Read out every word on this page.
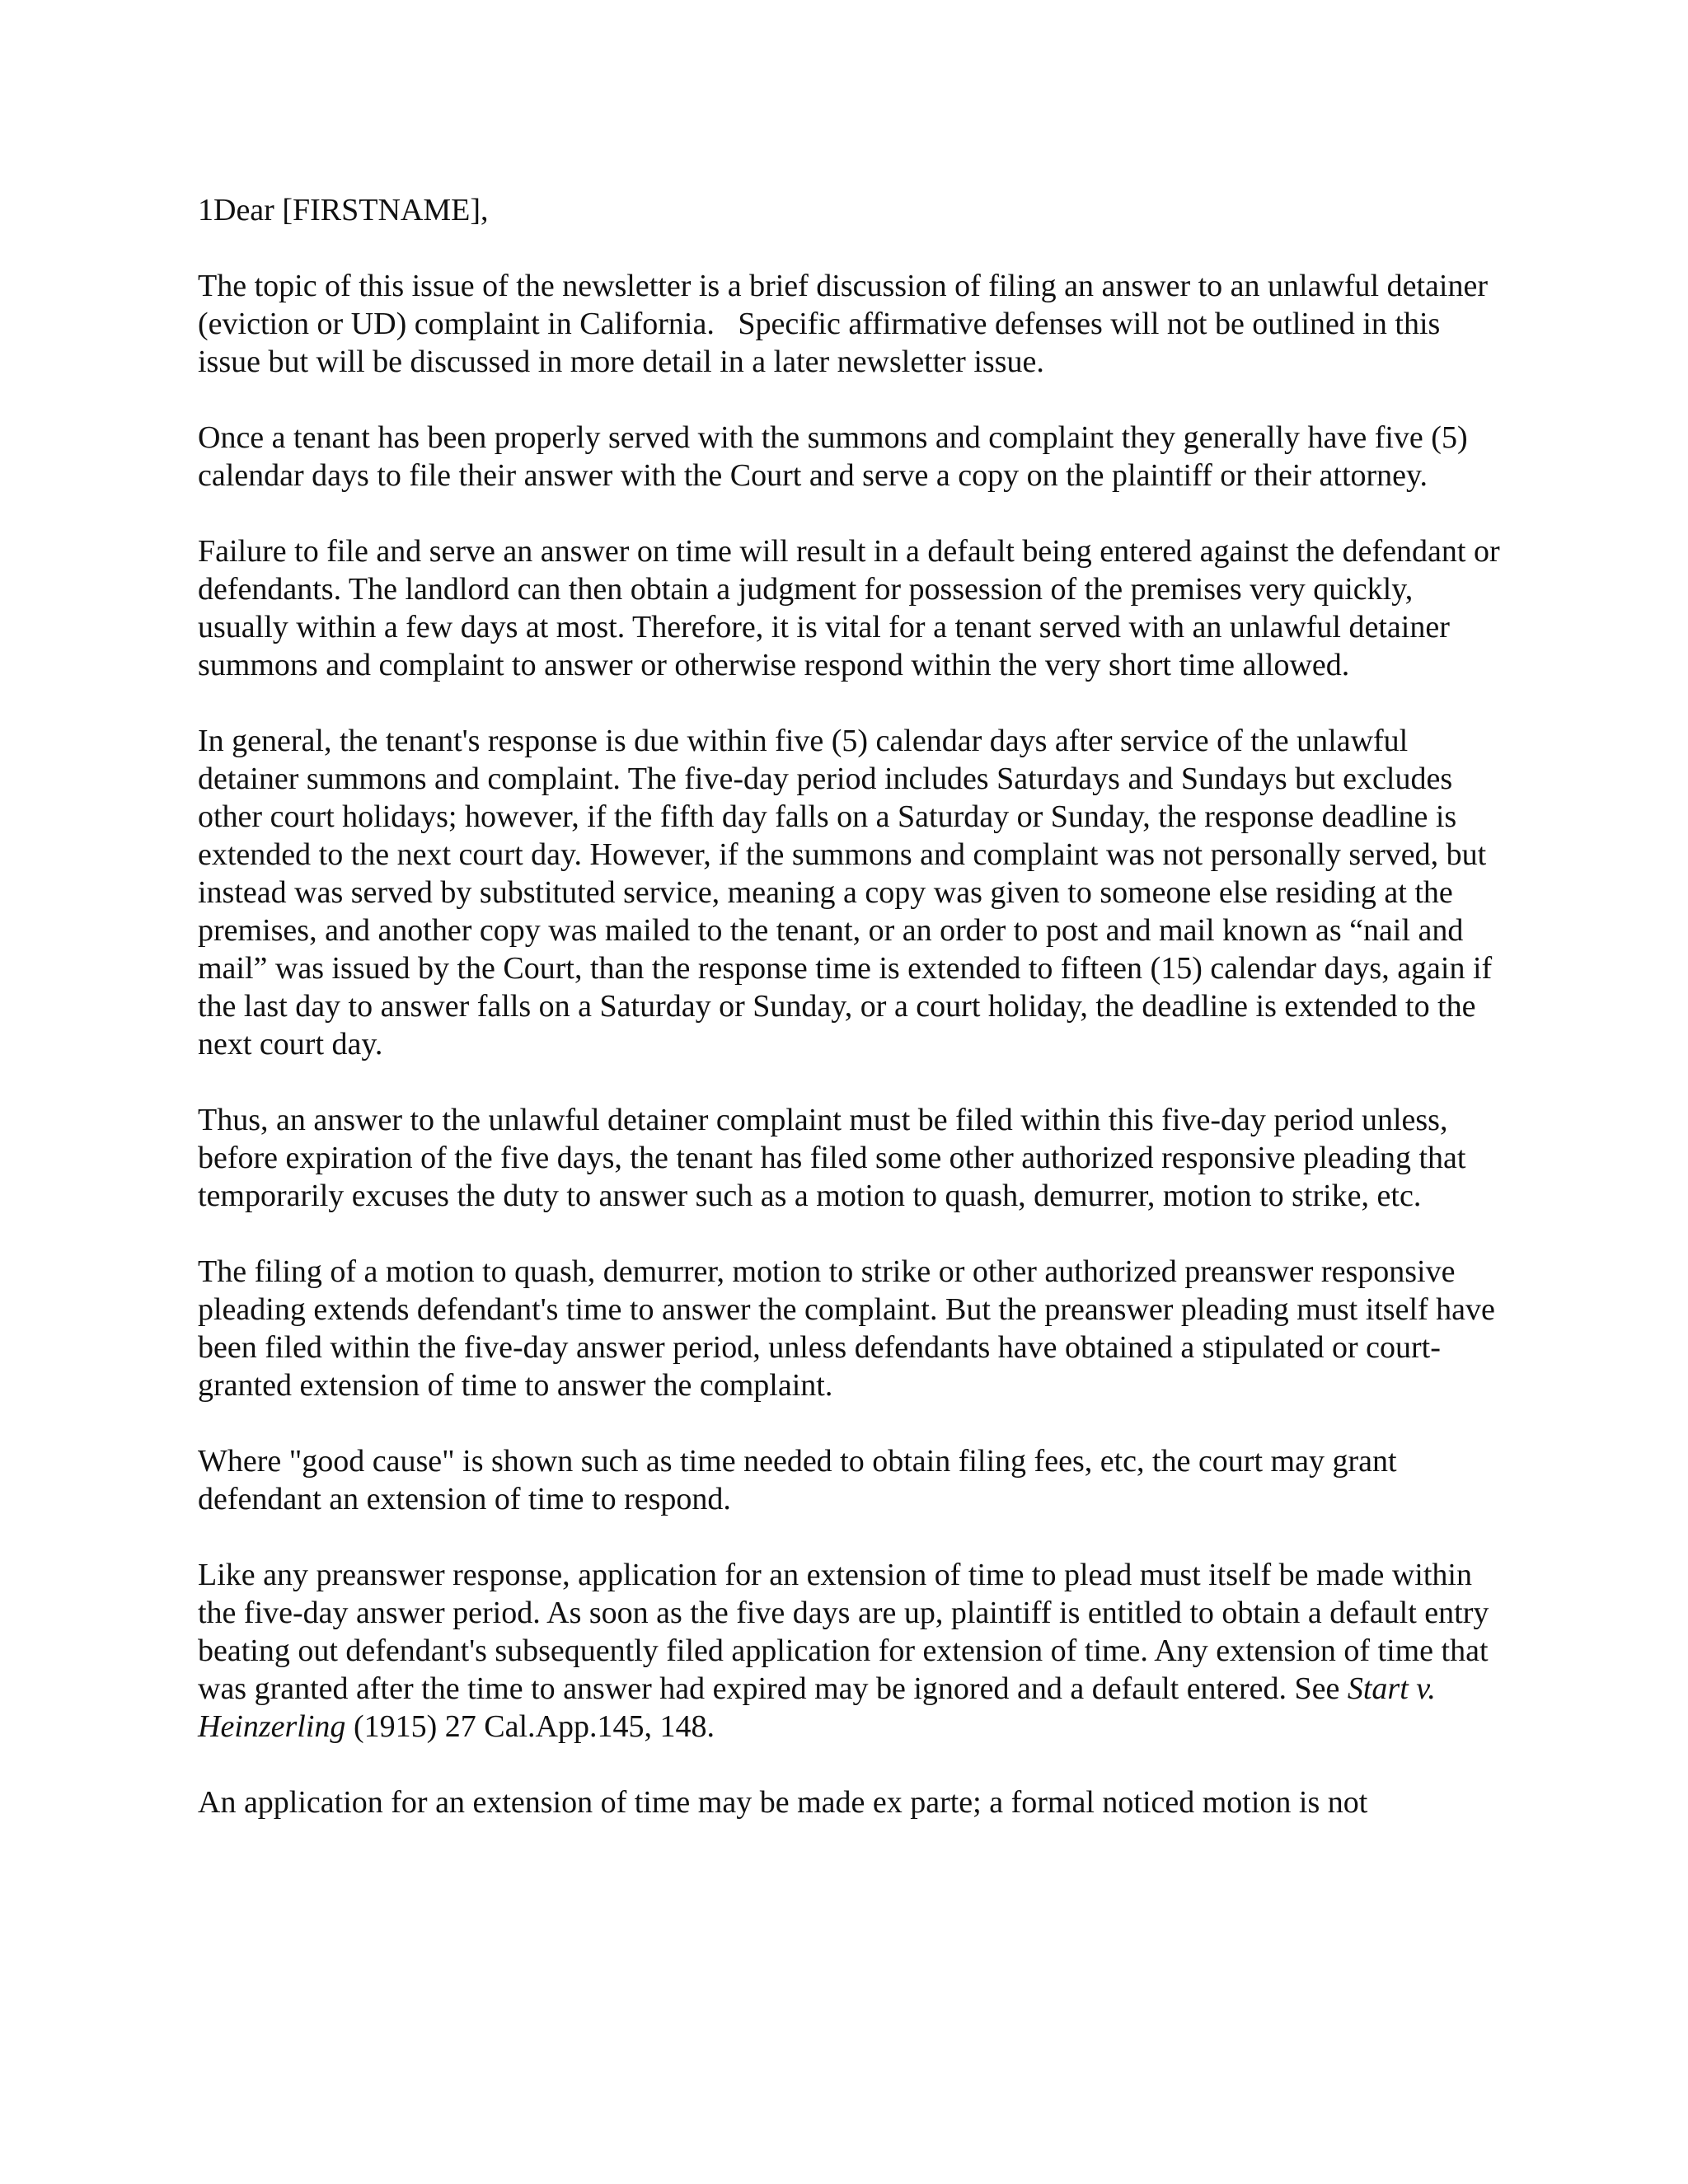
1Dear [FIRSTNAME],

The topic of this issue of the newsletter is a brief discussion of filing an answer to an unlawful detainer (eviction or UD) complaint in California.   Specific affirmative defenses will not be outlined in this issue but will be discussed in more detail in a later newsletter issue.

Once a tenant has been properly served with the summons and complaint they generally have five (5) calendar days to file their answer with the Court and serve a copy on the plaintiff or their attorney.

Failure to file and serve an answer on time will result in a default being entered against the defendant or defendants. The landlord can then obtain a judgment for possession of the premises very quickly, usually within a few days at most. Therefore, it is vital for a tenant served with an unlawful detainer summons and complaint to answer or otherwise respond within the very short time allowed.

In general, the tenant's response is due within five (5) calendar days after service of the unlawful detainer summons and complaint. The five-day period includes Saturdays and Sundays but excludes other court holidays; however, if the fifth day falls on a Saturday or Sunday, the response deadline is extended to the next court day. However, if the summons and complaint was not personally served, but instead was served by substituted service, meaning a copy was given to someone else residing at the premises, and another copy was mailed to the tenant, or an order to post and mail known as “nail and mail” was issued by the Court, than the response time is extended to fifteen (15) calendar days, again if the last day to answer falls on a Saturday or Sunday, or a court holiday, the deadline is extended to the next court day.

Thus, an answer to the unlawful detainer complaint must be filed within this five-day period unless, before expiration of the five days, the tenant has filed some other authorized responsive pleading that temporarily excuses the duty to answer such as a motion to quash, demurrer, motion to strike, etc.

The filing of a motion to quash, demurrer, motion to strike or other authorized preanswer responsive pleading extends defendant's time to answer the complaint. But the preanswer pleading must itself have been filed within the five-day answer period, unless defendants have obtained a stipulated or court-granted extension of time to answer the complaint.

Where "good cause" is shown such as time needed to obtain filing fees, etc, the court may grant defendant an extension of time to respond.

Like any preanswer response, application for an extension of time to plead must itself be made within the five-day answer period. As soon as the five days are up, plaintiff is entitled to obtain a default entry beating out defendant's subsequently filed application for extension of time. Any extension of time that was granted after the time to answer had expired may be ignored and a default entered. See Start v. Heinzerling (1915) 27 Cal.App.145, 148.

An application for an extension of time may be made ex parte; a formal noticed motion is not
